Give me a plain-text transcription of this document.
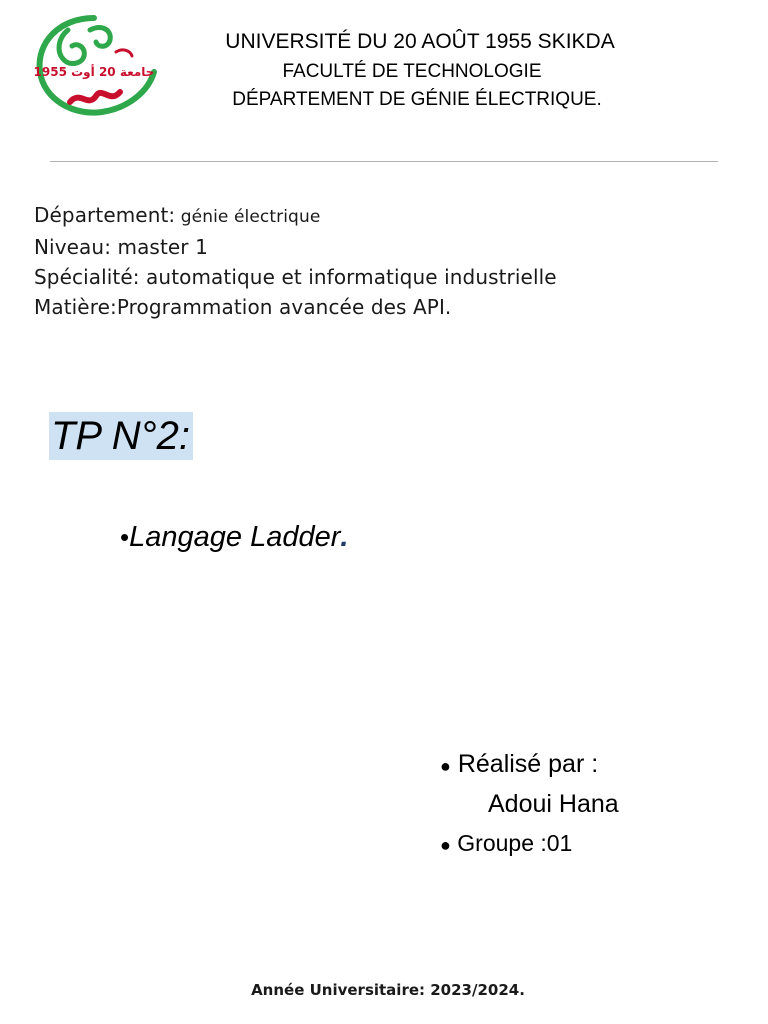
جامعة 20 أوت 1955
UNIVERSITÉ DU 20 AOÛT 1955 SKIKDA
FACULTÉ DE TECHNOLOGIE
DÉPARTEMENT DE GÉNIE ÉLECTRIQUE.
Département: génie électrique
Niveau: master 1
Spécialité: automatique et informatique industrielle
Matière:Programmation avancée des API.
TP N°2:
•Langage Ladder.
● Réalisé par :
Adoui Hana
● Groupe :01
Année Universitaire: 2023/2024.
